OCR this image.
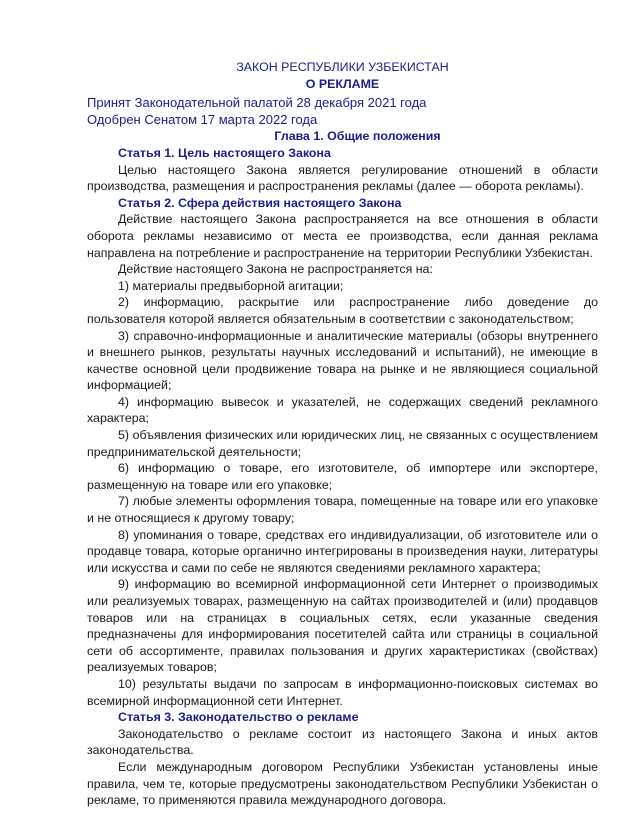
ЗАКОН РЕСПУБЛИКИ УЗБЕКИСТАН
О РЕКЛАМЕ
Принят Законодательной палатой 28 декабря 2021 года
Одобрен Сенатом 17 марта 2022 года
Глава 1. Общие положения
Статья 1. Цель настоящего Закона

Целью настоящего Закона является регулирование отношений в области производства, размещения и распространения рекламы (далее — оборота рекламы).

Статья 2. Сфера действия настоящего Закона

Действие настоящего Закона распространяется на все отношения в области оборота рекламы независимо от места ее производства, если данная реклама направлена на потребление и распространение на территории Республики Узбекистан.

Действие настоящего Закона не распространяется на:

1) материалы предвыборной агитации;

2) информацию, раскрытие или распространение либо доведение до пользователя которой является обязательным в соответствии с законодательством;

3) справочно-информационные и аналитические материалы (обзоры внутреннего и внешнего рынков, результаты научных исследований и испытаний), не имеющие в качестве основной цели продвижение товара на рынке и не являющиеся социальной информацией;

4) информацию вывесок и указателей, не содержащих сведений рекламного характера;

5) объявления физических или юридических лиц, не связанных с осуществлением предпринимательской деятельности;

6) информацию о товаре, его изготовителе, об импортере или экспортере, размещенную на товаре или его упаковке;

7) любые элементы оформления товара, помещенные на товаре или его упаковке и не относящиеся к другому товару;

8) упоминания о товаре, средствах его индивидуализации, об изготовителе или о продавце товара, которые органично интегрированы в произведения науки, литературы или искусства и сами по себе не являются сведениями рекламного характера;

9) информацию во всемирной информационной сети Интернет о производимых или реализуемых товарах, размещенную на сайтах производителей и (или) продавцов товаров или на страницах в социальных сетях, если указанные сведения предназначены для информирования посетителей сайта или страницы в социальной сети об ассортименте, правилах пользования и других характеристиках (свойствах) реализуемых товаров;

10) результаты выдачи по запросам в информационно-поисковых системах во всемирной информационной сети Интернет.

Статья 3. Законодательство о рекламе

Законодательство о рекламе состоит из настоящего Закона и иных актов законодательства.

Если международным договором Республики Узбекистан установлены иные правила, чем те, которые предусмотрены законодательством Республики Узбекистан о рекламе, то применяются правила международного договора.
